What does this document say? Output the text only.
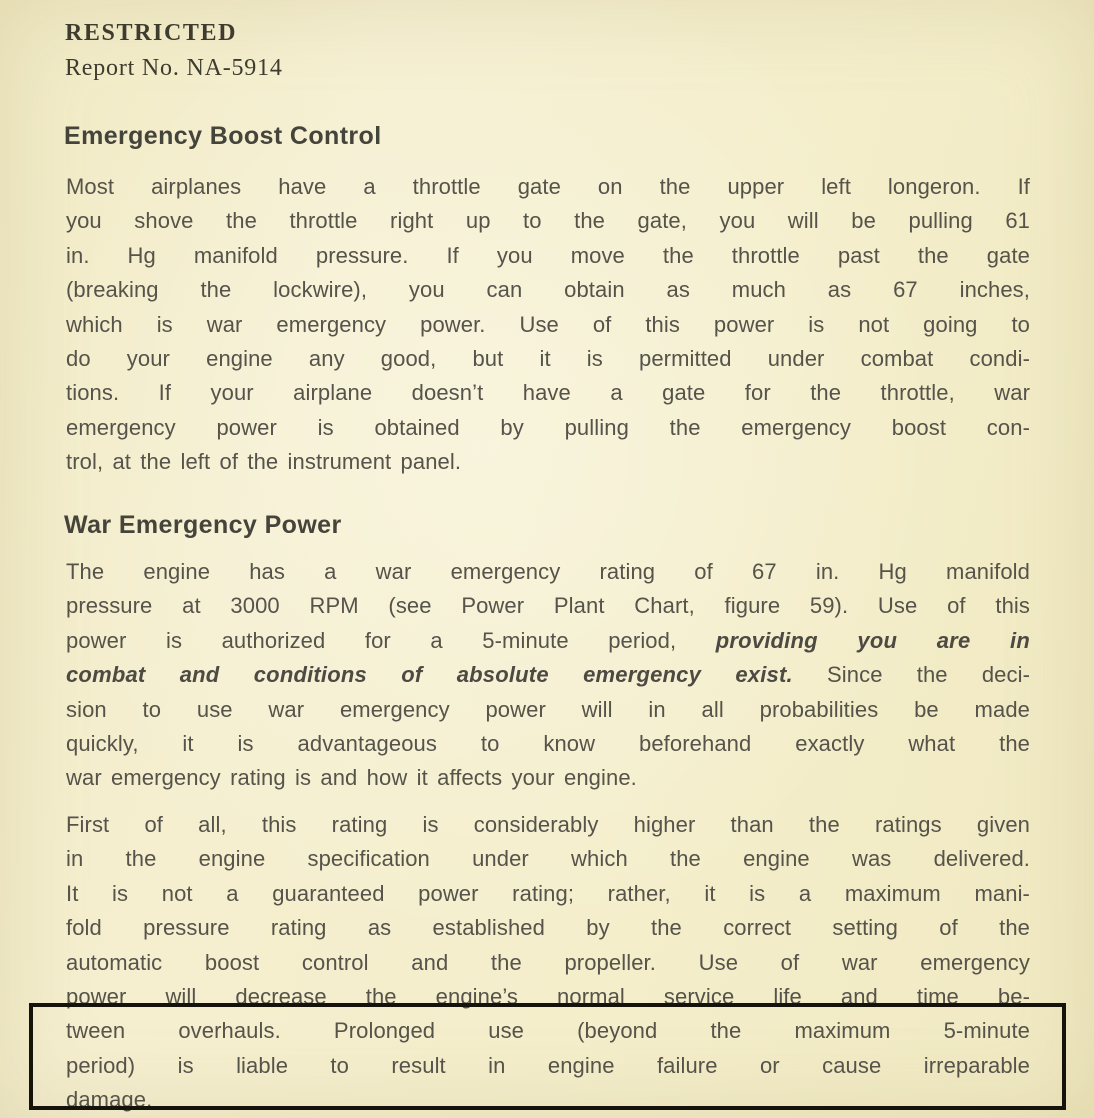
RESTRICTED
Report No. NA-5914
Emergency Boost Control
Most airplanes have a throttle gate on the upper left longeron. If
you shove the throttle right up to the gate, you will be pulling 61
in. Hg manifold pressure. If you move the throttle past the gate
(breaking the lockwire), you can obtain as much as 67 inches,
which is war emergency power. Use of this power is not going to
do your engine any good, but it is permitted under combat condi-
tions. If your airplane doesn’t have a gate for the throttle, war
emergency power is obtained by pulling the emergency boost con-
trol, at the left of the instrument panel.
War Emergency Power
The engine has a war emergency rating of 67 in. Hg manifold
pressure at 3000 RPM (see Power Plant Chart, figure 59). Use of this
power is authorized for a 5-minute period, providing you are in
combat and conditions of absolute emergency exist. Since the deci-
sion to use war emergency power will in all probabilities be made
quickly, it is advantageous to know beforehand exactly what the
war emergency rating is and how it affects your engine.
First of all, this rating is considerably higher than the ratings given
in the engine specification under which the engine was delivered.
It is not a guaranteed power rating; rather, it is a maximum mani-
fold pressure rating as established by the correct setting of the
automatic boost control and the propeller. Use of war emergency
power will decrease the engine’s normal service life and time be-
tween overhauls. Prolonged use (beyond the maximum 5-minute
period) is liable to result in engine failure or cause irreparable
damage.
